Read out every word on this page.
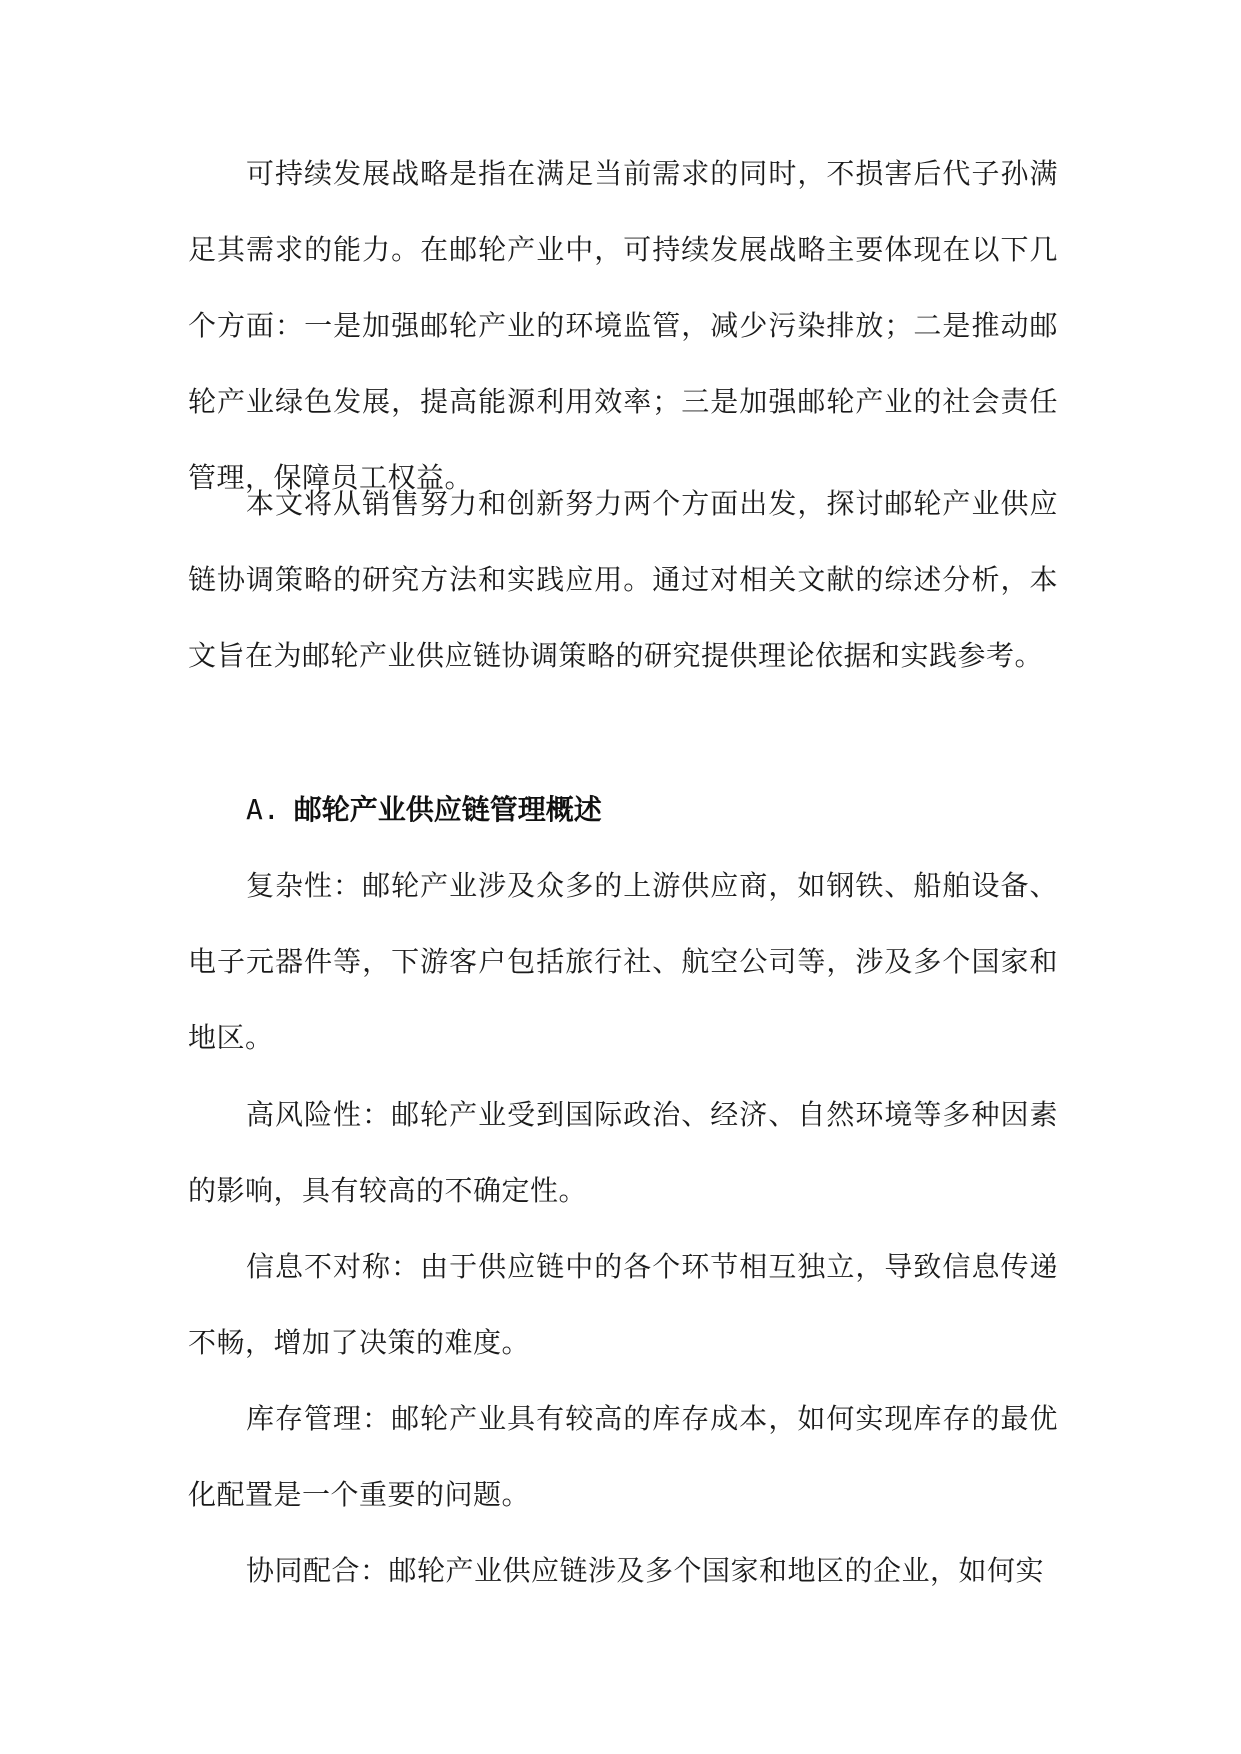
可持续发展战略是指在满足当前需求的同时，不损害后代子孙满足其需求的能力。在邮轮产业中，可持续发展战略主要体现在以下几个方面：一是加强邮轮产业的环境监管，减少污染排放；二是推动邮轮产业绿色发展，提高能源利用效率；三是加强邮轮产业的社会责任管理，保障员工权益。

本文将从销售努力和创新努力两个方面出发，探讨邮轮产业供应链协调策略的研究方法和实践应用。通过对相关文献的综述分析，本文旨在为邮轮产业供应链协调策略的研究提供理论依据和实践参考。

A. 邮轮产业供应链管理概述

复杂性：邮轮产业涉及众多的上游供应商，如钢铁、船舶设备、电子元器件等，下游客户包括旅行社、航空公司等，涉及多个国家和地区。

高风险性：邮轮产业受到国际政治、经济、自然环境等多种因素的影响，具有较高的不确定性。

信息不对称：由于供应链中的各个环节相互独立，导致信息传递不畅，增加了决策的难度。

库存管理：邮轮产业具有较高的库存成本，如何实现库存的最优化配置是一个重要的问题。

协同配合：邮轮产业供应链涉及多个国家和地区的企业，如何实
